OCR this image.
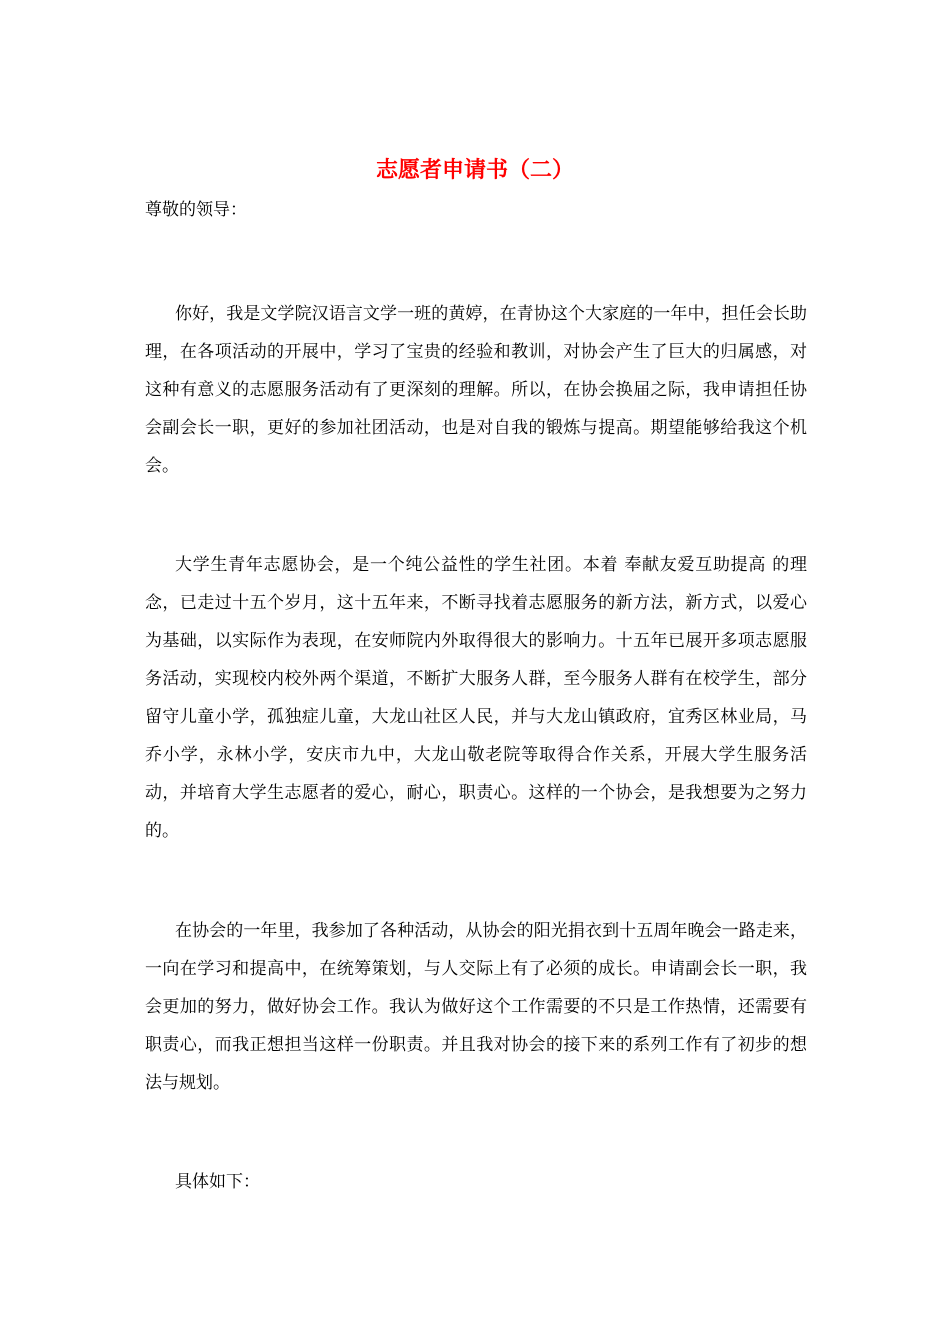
志愿者申请书（二）

尊敬的领导：

你好，我是文学院汉语言文学一班的黄婷，在青协这个大家庭的一年中，担任会长助理，在各项活动的开展中，学习了宝贵的经验和教训，对协会产生了巨大的归属感，对这种有意义的志愿服务活动有了更深刻的理解。所以，在协会换届之际，我申请担任协会副会长一职，更好的参加社团活动，也是对自我的锻炼与提高。期望能够给我这个机会。

大学生青年志愿协会，是一个纯公益性的学生社团。本着 奉献友爱互助提高 的理念，已走过十五个岁月，这十五年来，不断寻找着志愿服务的新方法，新方式，以爱心为基础，以实际作为表现，在安师院内外取得很大的影响力。十五年已展开多项志愿服务活动，实现校内校外两个渠道，不断扩大服务人群，至今服务人群有在校学生，部分留守儿童小学，孤独症儿童，大龙山社区人民，并与大龙山镇政府，宜秀区林业局，马乔小学，永林小学，安庆市九中，大龙山敬老院等取得合作关系，开展大学生服务活动，并培育大学生志愿者的爱心，耐心，职责心。这样的一个协会，是我想要为之努力的。

在协会的一年里，我参加了各种活动，从协会的阳光捐衣到十五周年晚会一路走来，一向在学习和提高中，在统筹策划，与人交际上有了必须的成长。申请副会长一职，我会更加的努力，做好协会工作。我认为做好这个工作需要的不只是工作热情，还需要有职责心，而我正想担当这样一份职责。并且我对协会的接下来的系列工作有了初步的想法与规划。

具体如下：
